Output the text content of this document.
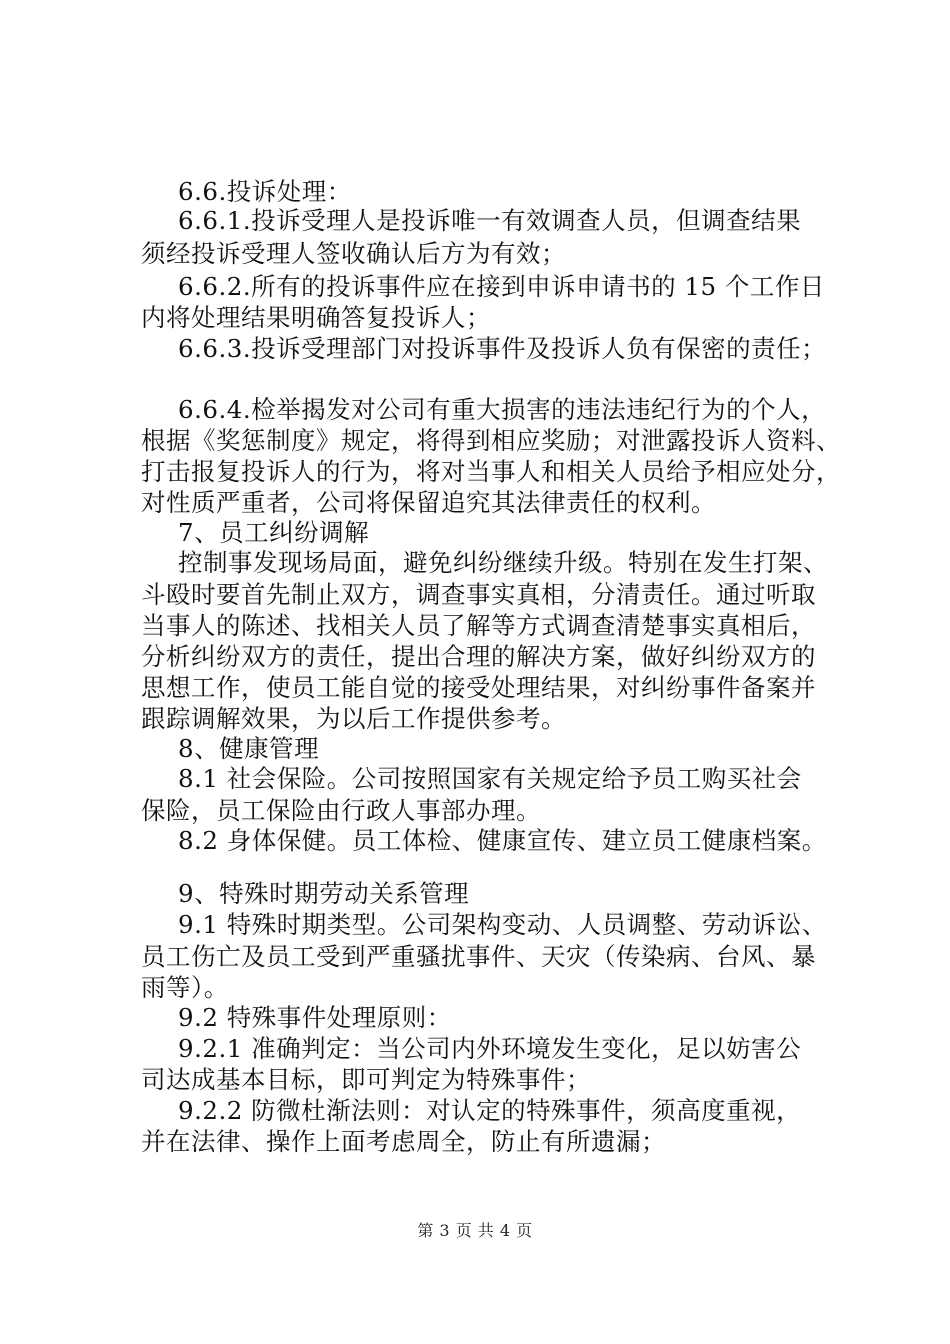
6.6.投诉处理：
6.6.1.投诉受理人是投诉唯一有效调查人员，但调查结果
须经投诉受理人签收确认后方为有效；
6.6.2.所有的投诉事件应在接到申诉申请书的 15 个工作日
内将处理结果明确答复投诉人；
6.6.3.投诉受理部门对投诉事件及投诉人负有保密的责任；
6.6.4.检举揭发对公司有重大损害的违法违纪行为的个人，
根据《奖惩制度》规定，将得到相应奖励；对泄露投诉人资料、
打击报复投诉人的行为，将对当事人和相关人员给予相应处分，
对性质严重者，公司将保留追究其法律责任的权利。
7、员工纠纷调解
控制事发现场局面，避免纠纷继续升级。特别在发生打架、
斗殴时要首先制止双方，调查事实真相，分清责任。通过听取
当事人的陈述、找相关人员了解等方式调查清楚事实真相后，
分析纠纷双方的责任，提出合理的解决方案，做好纠纷双方的
思想工作，使员工能自觉的接受处理结果，对纠纷事件备案并
跟踪调解效果，为以后工作提供参考。
8、健康管理
8.1 社会保险。公司按照国家有关规定给予员工购买社会
保险，员工保险由行政人事部办理。
8.2 身体保健。员工体检、健康宣传、建立员工健康档案。
9、特殊时期劳动关系管理
9.1 特殊时期类型。公司架构变动、人员调整、劳动诉讼、
员工伤亡及员工受到严重骚扰事件、天灾（传染病、台风、暴
雨等）。
9.2 特殊事件处理原则：
9.2.1 准确判定：当公司内外环境发生变化，足以妨害公
司达成基本目标，即可判定为特殊事件；
9.2.2 防微杜渐法则：对认定的特殊事件，须高度重视，
并在法律、操作上面考虑周全，防止有所遗漏；
第 3 页 共 4 页
